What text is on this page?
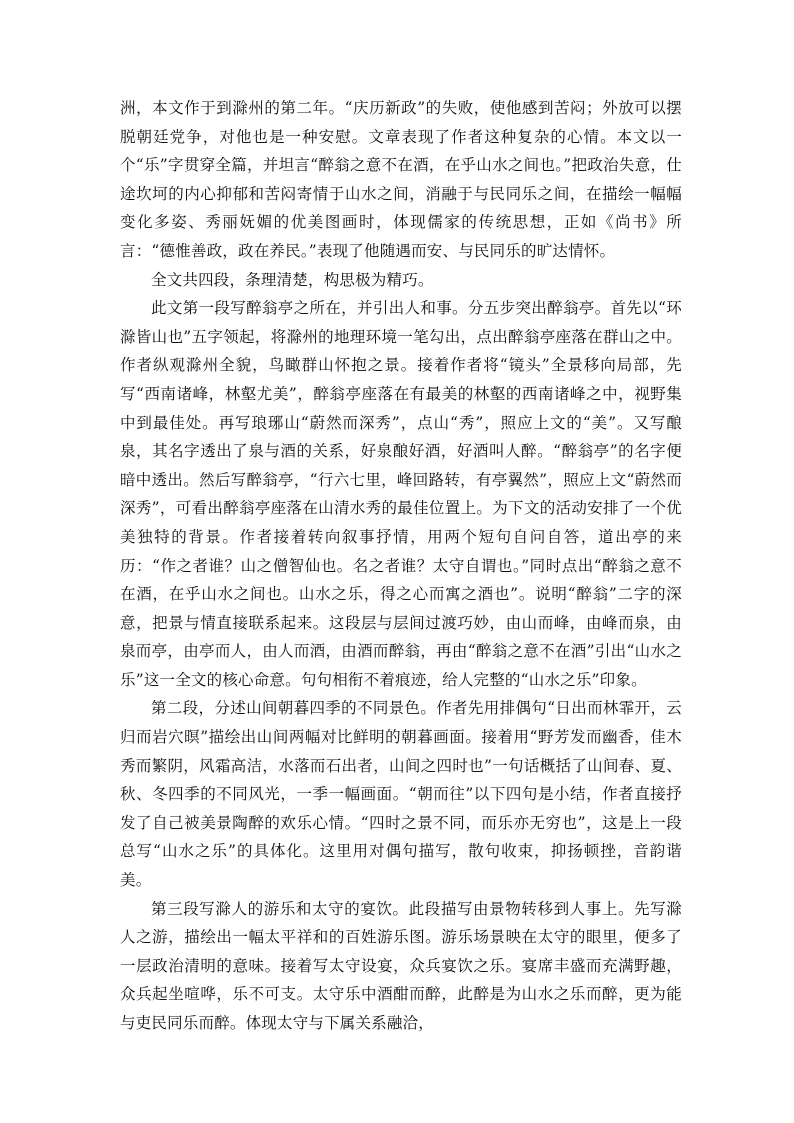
洲，本文作于到滁州的第二年。“庆历新政”的失败，使他感到苦闷；外放可以摆脱朝廷党争，对他也是一种安慰。文章表现了作者这种复杂的心情。本文以一个“乐”字贯穿全篇，并坦言“醉翁之意不在酒，在乎山水之间也。”把政治失意，仕途坎坷的内心抑郁和苦闷寄情于山水之间，消融于与民同乐之间，在描绘一幅幅变化多姿、秀丽妩媚的优美图画时，体现儒家的传统思想，正如《尚书》所言：“德惟善政，政在养民。”表现了他随遇而安、与民同乐的旷达情怀。

全文共四段，条理清楚，构思极为精巧。

此文第一段写醉翁亭之所在，并引出人和事。分五步突出醉翁亭。首先以“环滁皆山也”五字领起，将滁州的地理环境一笔勾出，点出醉翁亭座落在群山之中。作者纵观滁州全貌，鸟瞰群山怀抱之景。接着作者将“镜头”全景移向局部，先写“西南诸峰，林壑尤美”，醉翁亭座落在有最美的林壑的西南诸峰之中，视野集中到最佳处。再写琅琊山“蔚然而深秀”，点山“秀”，照应上文的“美”。又写酿泉，其名字透出了泉与酒的关系，好泉酿好酒，好酒叫人醉。“醉翁亭”的名字便暗中透出。然后写醉翁亭，“行六七里，峰回路转，有亭翼然”，照应上文“蔚然而深秀”，可看出醉翁亭座落在山清水秀的最佳位置上。为下文的活动安排了一个优美独特的背景。作者接着转向叙事抒情，用两个短句自问自答，道出亭的来历：“作之者谁？山之僧智仙也。名之者谁？太守自谓也。”同时点出“醉翁之意不在酒，在乎山水之间也。山水之乐，得之心而寓之酒也”。说明“醉翁”二字的深意，把景与情直接联系起来。这段层与层间过渡巧妙，由山而峰，由峰而泉，由泉而亭，由亭而人，由人而酒，由酒而醉翁，再由“醉翁之意不在酒”引出“山水之乐”这一全文的核心命意。句句相衔不着痕迹，给人完整的“山水之乐”印象。

第二段，分述山间朝暮四季的不同景色。作者先用排偶句“日出而林霏开，云归而岩穴暝”描绘出山间两幅对比鲜明的朝暮画面。接着用“野芳发而幽香，佳木秀而繁阴，风霜高洁，水落而石出者，山间之四时也”一句话概括了山间春、夏、秋、冬四季的不同风光，一季一幅画面。“朝而往”以下四句是小结，作者直接抒发了自己被美景陶醉的欢乐心情。“四时之景不同，而乐亦无穷也”，这是上一段总写“山水之乐”的具体化。这里用对偶句描写，散句收束，抑扬顿挫，音韵谐美。

第三段写滁人的游乐和太守的宴饮。此段描写由景物转移到人事上。先写滁人之游，描绘出一幅太平祥和的百姓游乐图。游乐场景映在太守的眼里，便多了一层政治清明的意味。接着写太守设宴，众兵宴饮之乐。宴席丰盛而充满野趣，众兵起坐喧哗，乐不可支。太守乐中酒酣而醉，此醉是为山水之乐而醉，更为能与吏民同乐而醉。体现太守与下属关系融洽，
